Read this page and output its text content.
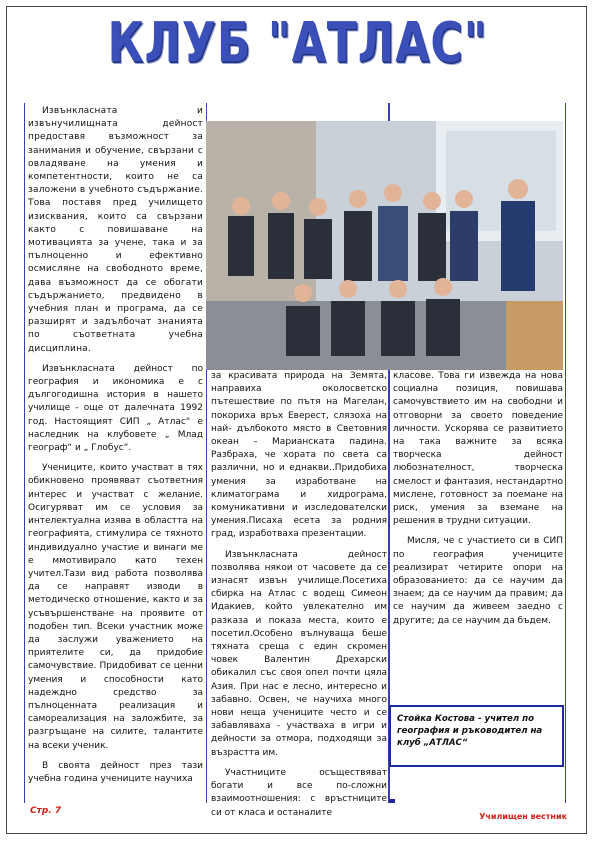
КЛУБ "АТЛАС"

Извънкласната и извънучилищната дейност предоставя възможност за занимания и обучение, свързани с овладяване на умения и компетентности, които не са заложени в учебното съдържание. Това поставя пред училището изисквания, които са свързани както с повишаване на мотивацията за учене, така и за пълноценно и ефективно осмисляне на свободното време, дава възможност да се обогати съдържанието, предвидено в учебния план и програма, да се разширят и задълбочат знанията по съответната учебна дисциплина.

Извънкласната дейност по география и икономика е с дългогодишна история в нашето училище - още от далечната 1992 год. Настоящият СИП „ Атлас“ е наследник на клубовете „ Млад географ“ и „ Глобус“.

Учениците, които участват в тях обикновено проявяват съответния интерес и участват с желание. Осигуряват им се условия за интелектуална изява в областта на географията, стимулира се тяхното индивидуално участие и винаги ме е ммотивирало като техен учител.Тази вид работа позволява да се направят изводи в методическо отношение, както и за усъвършенстване на проявите от подобен тип. Всеки участник може да заслужи уважението на приятелите си, да придобие самочувствие. Придобиват се ценни умения и способности като надеждно средство за пълноценната реализация и самореализация на заложбите, за разгръщане на силите, талантите на всеки ученик.

В своята дейност през тази учебна година учениците научиха

за красивата природа на Земята, направиха околосветско пътешествие по пътя на Магелан, покориха връх Еверест, слязоха на най- дълбокото място в Световния океан – Марианската падина. Разбраха, че хората по света са различни, но и еднакви..Придобиха умения за изработване на климатограма и хидрограма, комуникативни и изследователски умения.Писаха есета за родния град, изработваха презентации.

Извънкласната дейност позволява някои от часовете да се изнасят извън училище.Посетиха сбирка на Атлас с водещ Симеон Идакиев, който увлекателно им разказа и показа места, които е посетил.Особено вълнуваща беше тяхната среща с един скромен човек Валентин Дрехарски обикалил със своя опел почти цяла Азия. При нас е лесно, интересно и забавно. Освен, че научиха много нови неща учениците често и се забавляваха - участваха в игри и дейности за отмора, подходящи за възрастта им.

Участниците осъществяват богати и все по-сложни взаимоотношения: с връстниците си от класа и останалите

класове. Това ги извежда на нова социална позиция, повишава самочувствието им на свободни и отговорни за своето поведение личности. Ускорява се развитието на така важните за всяка творческа дейност любознателност, творческа смелост и фантазия, нестандартно мислене, готовност за поемане на риск, умения за вземане на решения в трудни ситуации.

Мисля, че с участието си в СИП по география учениците реализират четирите опори на образованието: да се научим да знаем; да се научим да правим; да се научим да живеем заедно с другите; да се научим да бъдем.

Стойка Костова - учител по география и ръководител на клуб „АТЛАС“
Стр. 7
Училищен вестник
